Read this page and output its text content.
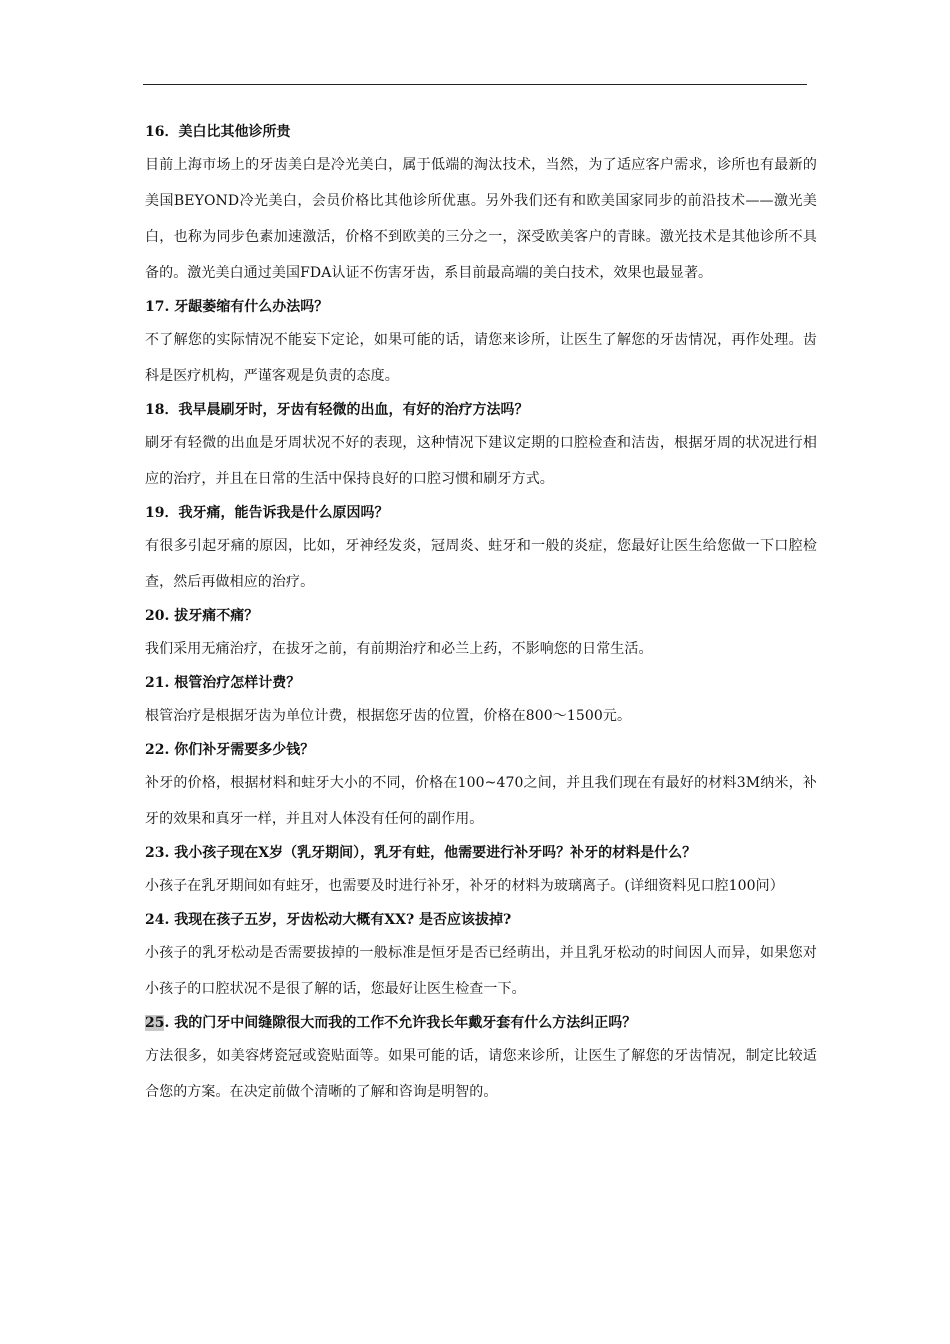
16．美白比其他诊所贵

目前上海市场上的牙齿美白是冷光美白，属于低端的淘汰技术，当然，为了适应客户需求，诊所也有最新的美国BEYOND冷光美白，会员价格比其他诊所优惠。另外我们还有和欧美国家同步的前沿技术——激光美白，也称为同步色素加速激活，价格不到欧美的三分之一，深受欧美客户的青睐。激光技术是其他诊所不具备的。激光美白通过美国FDA认证不伤害牙齿，系目前最高端的美白技术，效果也最显著。

17. 牙龈萎缩有什么办法吗？

不了解您的实际情况不能妄下定论，如果可能的话，请您来诊所，让医生了解您的牙齿情况，再作处理。齿科是医疗机构，严谨客观是负责的态度。

18．我早晨刷牙时，牙齿有轻微的出血，有好的治疗方法吗？

刷牙有轻微的出血是牙周状况不好的表现，这种情况下建议定期的口腔检查和洁齿，根据牙周的状况进行相应的治疗，并且在日常的生活中保持良好的口腔习惯和刷牙方式。

19．我牙痛，能告诉我是什么原因吗？

有很多引起牙痛的原因，比如，牙神经发炎，冠周炎、蛀牙和一般的炎症，您最好让医生给您做一下口腔检查，然后再做相应的治疗。

20. 拔牙痛不痛？

我们采用无痛治疗，在拔牙之前，有前期治疗和必兰上药，不影响您的日常生活。

21. 根管治疗怎样计费？

根管治疗是根据牙齿为单位计费，根据您牙齿的位置，价格在800～1500元。

22. 你们补牙需要多少钱？

补牙的价格，根据材料和蛀牙大小的不同，价格在100~470之间，并且我们现在有最好的材料3M纳米，补牙的效果和真牙一样，并且对人体没有任何的副作用。

23. 我小孩子现在X岁（乳牙期间），乳牙有蛀，他需要进行补牙吗？补牙的材料是什么？

小孩子在乳牙期间如有蛀牙，也需要及时进行补牙，补牙的材料为玻璃离子。(详细资料见口腔100问）

24. 我现在孩子五岁，牙齿松动大概有XX? 是否应该拔掉?

小孩子的乳牙松动是否需要拔掉的一般标准是恒牙是否已经萌出，并且乳牙松动的时间因人而异，如果您对小孩子的口腔状况不是很了解的话，您最好让医生检查一下。

25. 我的门牙中间缝隙很大而我的工作不允许我长年戴牙套有什么方法纠正吗？

方法很多，如美容烤瓷冠或瓷贴面等。如果可能的话，请您来诊所，让医生了解您的牙齿情况，制定比较适合您的方案。在决定前做个清晰的了解和咨询是明智的。
